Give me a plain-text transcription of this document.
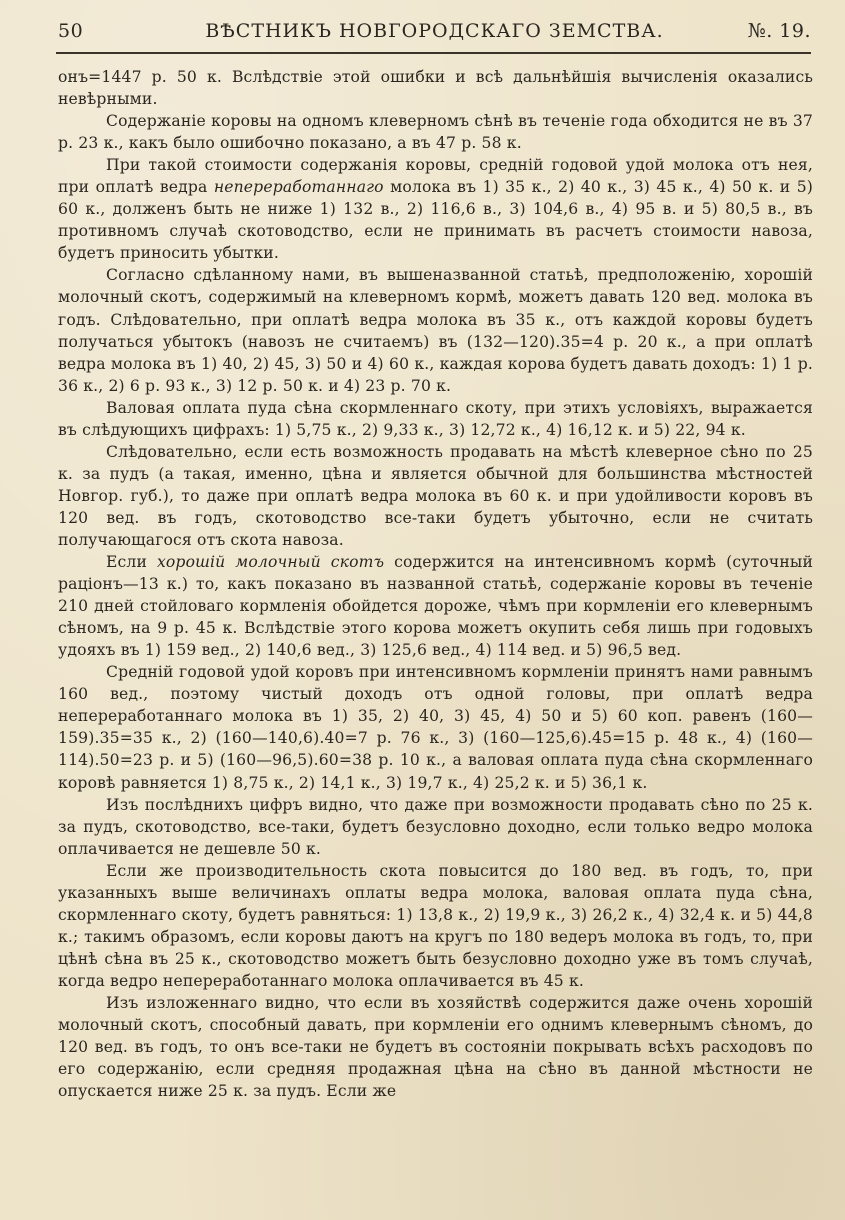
50	ВѢСТНИКЪ НОВГОРОДСКАГО ЗЕМСТВА.	№. 19.

онъ=1447 р. 50 к. Вслѣдствіе этой ошибки и всѣ дальнѣйшія вычисленія оказались невѣрными.

Содержаніе коровы на одномъ клеверномъ сѣнѣ въ теченіе года обходится не въ 37 р. 23 к., какъ было ошибочно показано, а въ 47 р. 58 к.

При такой стоимости содержанія коровы, средній годовой удой молока отъ нея, при оплатѣ ведра непереработаннаго молока въ 1) 35 к., 2) 40 к., 3) 45 к., 4) 50 к. и 5) 60 к., долженъ быть не ниже 1) 132 в., 2) 116,6 в., 3) 104,6 в., 4) 95 в. и 5) 80,5 в., въ противномъ случаѣ скотоводство, если не принимать въ расчетъ стоимости навоза, будетъ приносить убытки.

Согласно сдѣланному нами, въ вышеназванной статьѣ, предположенію, хорошій молочный скотъ, содержимый на клеверномъ кормѣ, можетъ давать 120 вед. молока въ годъ. Слѣдовательно, при оплатѣ ведра молока въ 35 к., отъ каждой коровы будетъ получаться убытокъ (навозъ не считаемъ) въ (132—120).35=4 р. 20 к., а при оплатѣ ведра молока въ 1) 40, 2) 45, 3) 50 и 4) 60 к., каждая корова будетъ давать доходъ: 1) 1 р. 36 к., 2) 6 р. 93 к., 3) 12 р. 50 к. и 4) 23 р. 70 к.

Валовая оплата пуда сѣна скормленнаго скоту, при этихъ условіяхъ, выражается въ слѣдующихъ цифрахъ: 1) 5,75 к., 2) 9,33 к., 3) 12,72 к., 4) 16,12 к. и 5) 22, 94 к.

Слѣдовательно, если есть возможность продавать на мѣстѣ клеверное сѣно по 25 к. за пудъ (а такая, именно, цѣна и является обычной для большинства мѣстностей Новгор. губ.), то даже при оплатѣ ведра молока въ 60 к. и при удойливости коровъ въ 120 вед. въ годъ, скотоводство все-таки будетъ убыточно, если не считать получающагося отъ скота навоза.

Если хорошій молочный скотъ содержится на интенсивномъ кормѣ (суточный раціонъ—13 к.) то, какъ показано въ названной статьѣ, содержаніе коровы въ теченіе 210 дней стойловаго кормленія обойдется дороже, чѣмъ при кормленіи его клевернымъ сѣномъ, на 9 р. 45 к. Вслѣдствіе этого корова можетъ окупить себя лишь при годовыхъ удояхъ въ 1) 159 вед., 2) 140,6 вед., 3) 125,6 вед., 4) 114 вед. и 5) 96,5 вед.

Средній годовой удой коровъ при интенсивномъ кормленіи принятъ нами равнымъ 160 вед., поэтому чистый доходъ отъ одной головы, при оплатѣ ведра непереработаннаго молока въ 1) 35, 2) 40, 3) 45, 4) 50 и 5) 60 коп. равенъ (160—159).35=35 к., 2) (160—140,6).40=7 р. 76 к., 3) (160—125,6).45=15 р. 48 к., 4) (160—114).50=23 р. и 5) (160—96,5).60=38 р. 10 к., а валовая оплата пуда сѣна скормленнаго коровѣ равняется 1) 8,75 к., 2) 14,1 к., 3) 19,7 к., 4) 25,2 к. и 5) 36,1 к.

Изъ послѣднихъ цифръ видно, что даже при возможности продавать сѣно по 25 к. за пудъ, скотоводство, все-таки, будетъ безусловно доходно, если только ведро молока оплачивается не дешевле 50 к.

Если же производительность скота повысится до 180 вед. въ годъ, то, при указанныхъ выше величинахъ оплаты ведра молока, валовая оплата пуда сѣна, скормленнаго скоту, будетъ равняться: 1) 13,8 к., 2) 19,9 к., 3) 26,2 к., 4) 32,4 к. и 5) 44,8 к.; такимъ образомъ, если коровы даютъ на кругъ по 180 ведеръ молока въ годъ, то, при цѣнѣ сѣна въ 25 к., скотоводство можетъ быть безусловно доходно уже въ томъ случаѣ, когда ведро непереработаннаго молока оплачивается въ 45 к.

Изъ изложеннаго видно, что если въ хозяйствѣ содержится даже очень хорошій молочный скотъ, способный давать, при кормленіи его однимъ клевернымъ сѣномъ, до 120 вед. въ годъ, то онъ все-таки не будетъ въ состояніи покрывать всѣхъ расходовъ по его содержанію, если средняя продажная цѣна на сѣно въ данной мѣстности не опускается ниже 25 к. за пудъ. Если же
